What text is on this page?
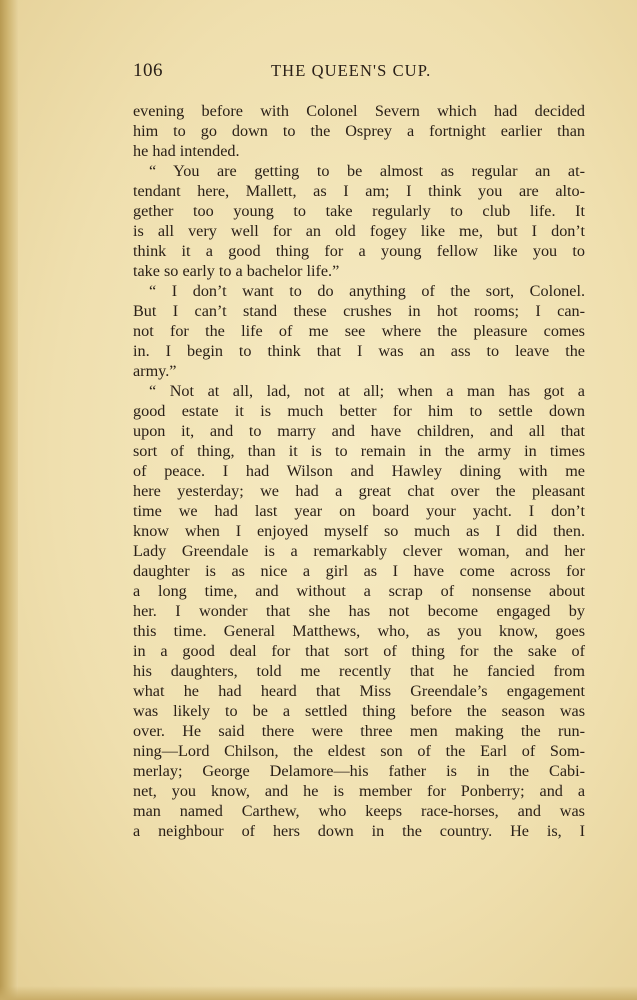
106	THE QUEEN'S CUP.
evening before with Colonel Severn which had decided
him to go down to the Osprey a fortnight earlier than
he had intended.
“ You are getting to be almost as regular an at-
tendant here, Mallett, as I am; I think you are alto-
gether too young to take regularly to club life. It
is all very well for an old fogey like me, but I don’t
think it a good thing for a young fellow like you to
take so early to a bachelor life.”
“ I don’t want to do anything of the sort, Colonel.
But I can’t stand these crushes in hot rooms; I can-
not for the life of me see where the pleasure comes
in. I begin to think that I was an ass to leave the
army.”
“ Not at all, lad, not at all; when a man has got a
good estate it is much better for him to settle down
upon it, and to marry and have children, and all that
sort of thing, than it is to remain in the army in times
of peace. I had Wilson and Hawley dining with me
here yesterday; we had a great chat over the pleasant
time we had last year on board your yacht. I don’t
know when I enjoyed myself so much as I did then.
Lady Greendale is a remarkably clever woman, and her
daughter is as nice a girl as I have come across for
a long time, and without a scrap of nonsense about
her. I wonder that she has not become engaged by
this time. General Matthews, who, as you know, goes
in a good deal for that sort of thing for the sake of
his daughters, told me recently that he fancied from
what he had heard that Miss Greendale’s engagement
was likely to be a settled thing before the season was
over. He said there were three men making the run-
ning—Lord Chilson, the eldest son of the Earl of Som-
merlay; George Delamore—his father is in the Cabi-
net, you know, and he is member for Ponberry; and a
man named Carthew, who keeps race-horses, and was
a neighbour of hers down in the country. He is, I
